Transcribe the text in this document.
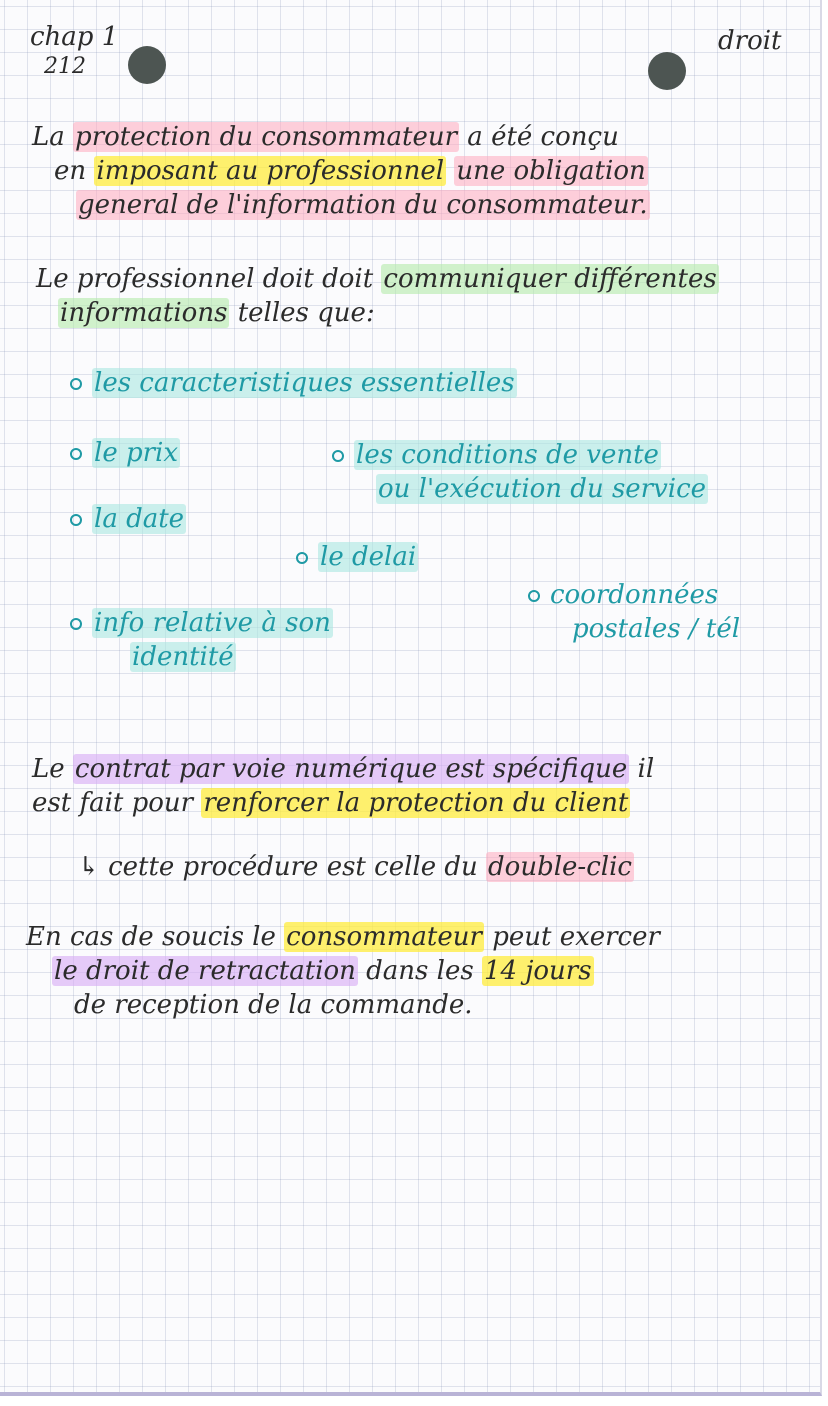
chap 1
212
droit
La protection du consommateur a été conçu
en imposant au professionnel une obligation
general de l'information du consommateur.
Le professionnel doit doit communiquer différentes
informations telles que:
les caracteristiques essentielles
le prix	les conditions de vente
ou l'exécution du service
la date
le delai
coordonnées
postales / tél
info relative à son
identité
Le contrat par voie numérique est spécifique il
est fait pour renforcer la protection du client
↳ cette procédure est celle du double-clic
En cas de soucis le consommateur peut exercer
le droit de retractation dans les 14 jours
de reception de la commande.
